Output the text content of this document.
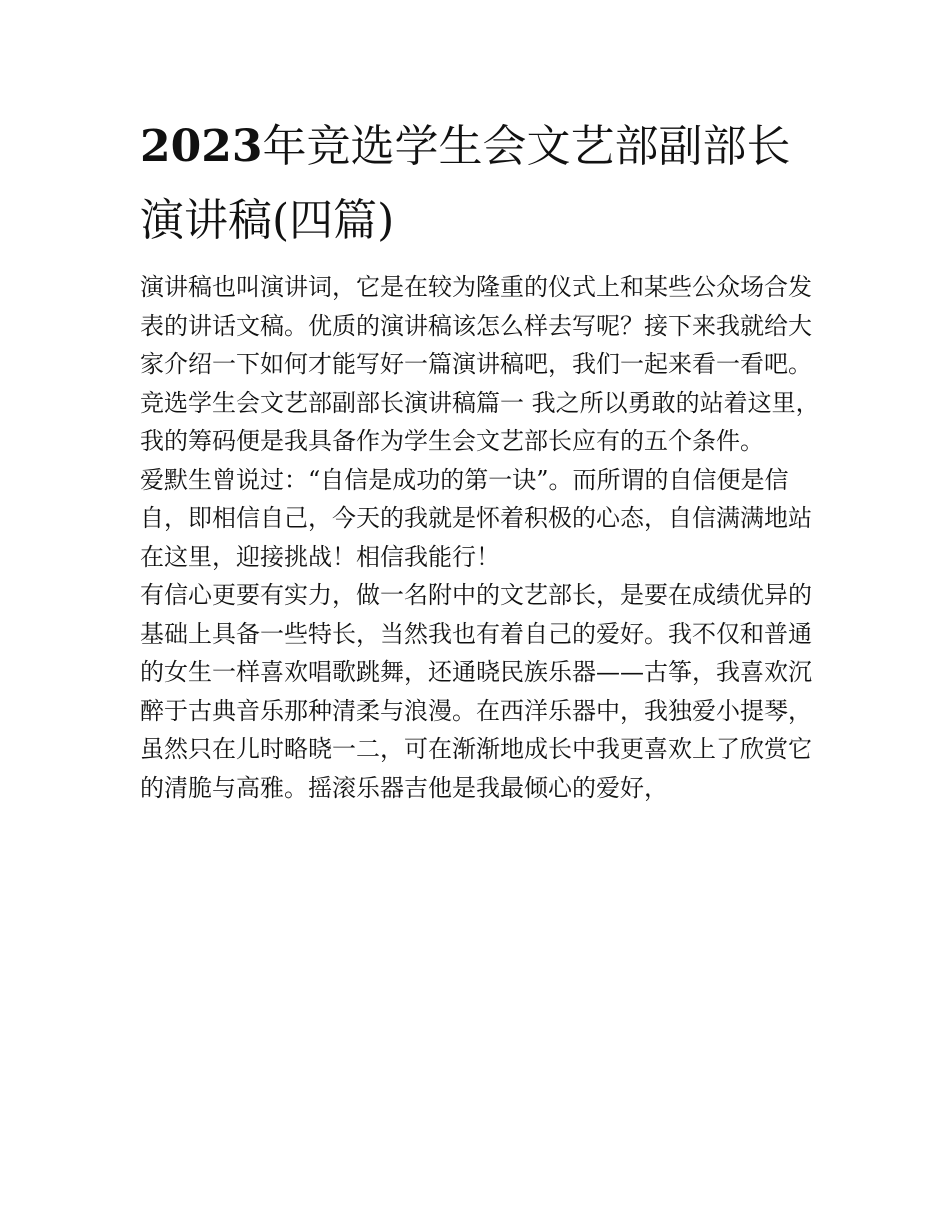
2023年竞选学生会文艺部副部长演讲稿(四篇)

演讲稿也叫演讲词，它是在较为隆重的仪式上和某些公众场合发表的讲话文稿。优质的演讲稿该怎么样去写呢？接下来我就给大家介绍一下如何才能写好一篇演讲稿吧，我们一起来看一看吧。

竞选学生会文艺部副部长演讲稿篇一 我之所以勇敢的站着这里，我的筹码便是我具备作为学生会文艺部长应有的五个条件。

爱默生曾说过：“自信是成功的第一诀”。而所谓的自信便是信自，即相信自己，今天的我就是怀着积极的心态，自信满满地站在这里，迎接挑战！相信我能行！

有信心更要有实力，做一名附中的文艺部长，是要在成绩优异的基础上具备一些特长，当然我也有着自己的爱好。我不仅和普通的女生一样喜欢唱歌跳舞，还通晓民族乐器——古筝，我喜欢沉醉于古典音乐那种清柔与浪漫。在西洋乐器中，我独爱小提琴，虽然只在儿时略晓一二，可在渐渐地成长中我更喜欢上了欣赏它的清脆与高雅。摇滚乐器吉他是我最倾心的爱好，
